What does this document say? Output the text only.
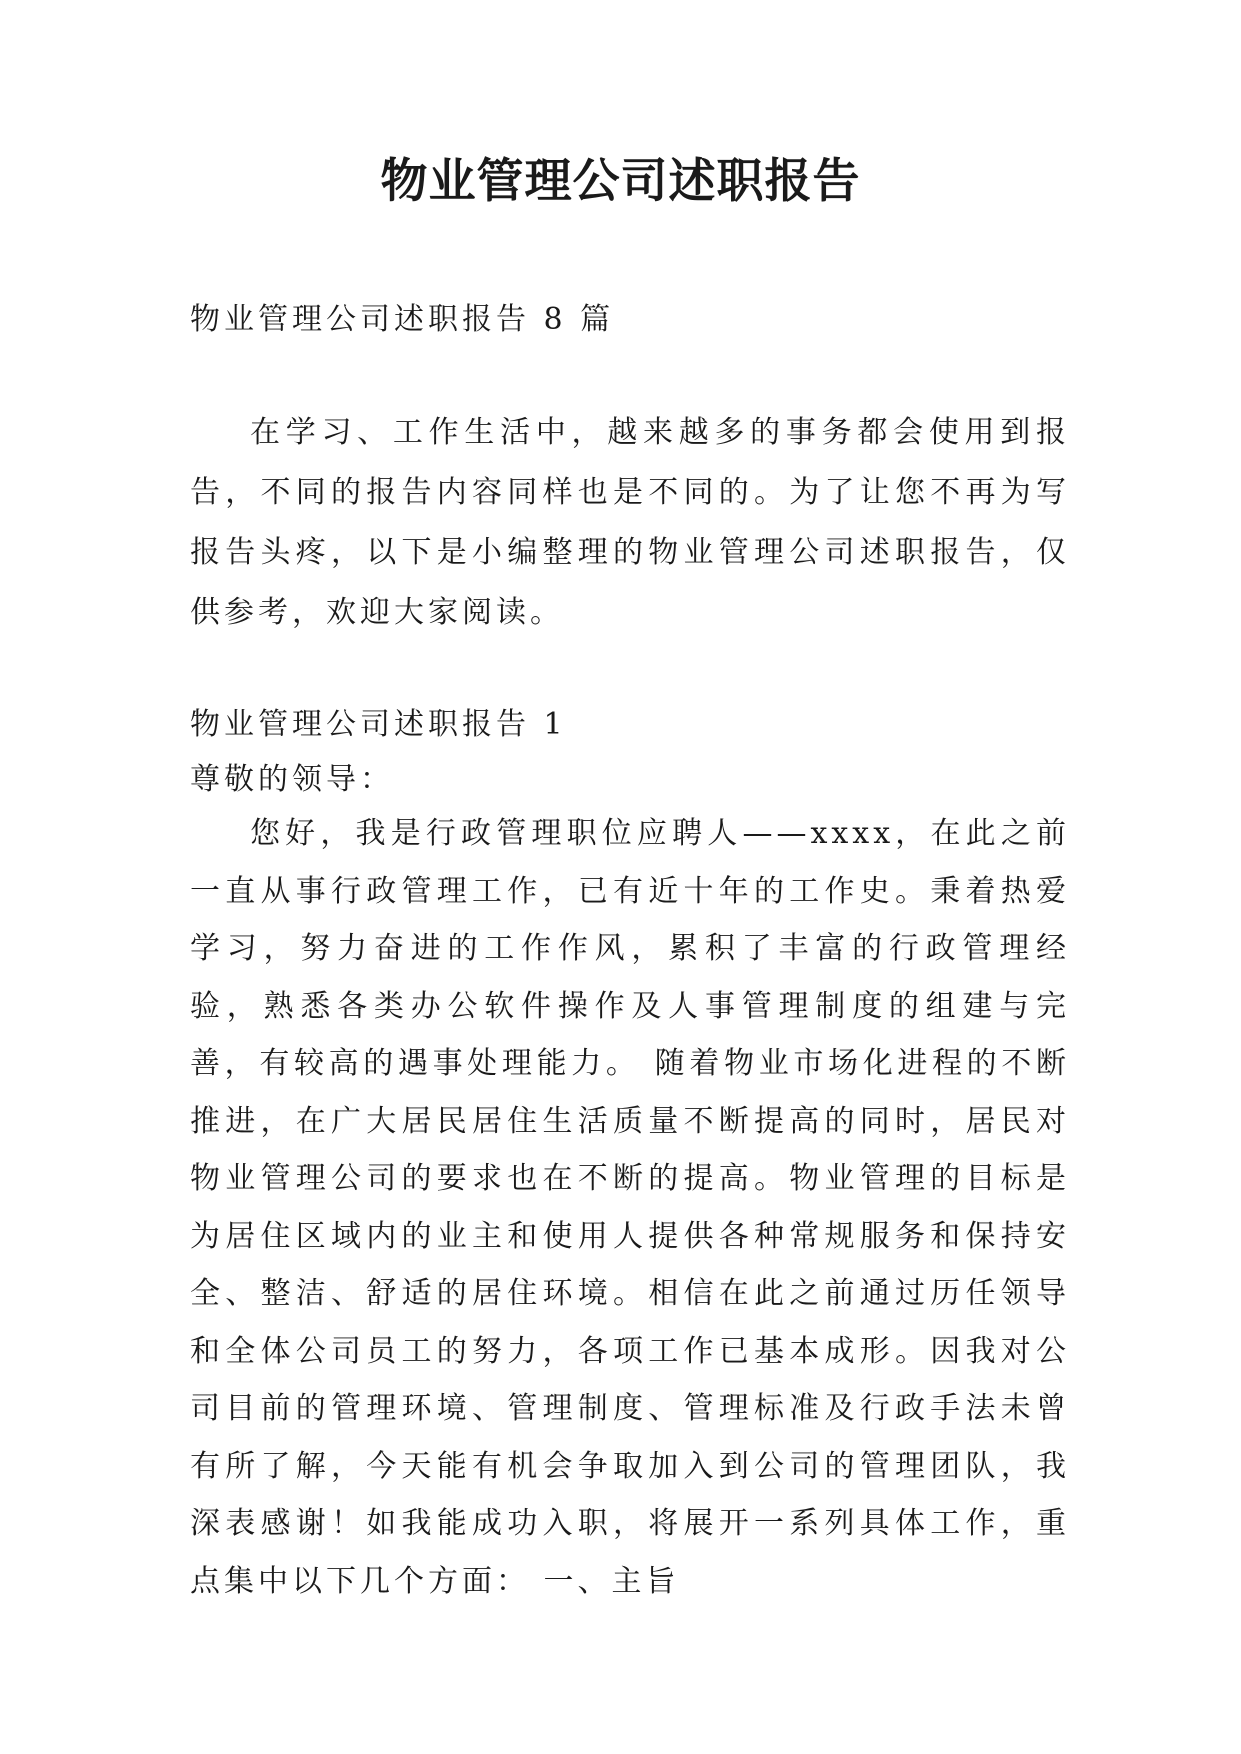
物业管理公司述职报告

物业管理公司述职报告 8 篇

在学习、工作生活中，越来越多的事务都会使用到报告，不同的报告内容同样也是不同的。为了让您不再为写报告头疼，以下是小编整理的物业管理公司述职报告，仅供参考，欢迎大家阅读。

物业管理公司述职报告 1

尊敬的领导：

您好，我是行政管理职位应聘人——xxxx，在此之前一直从事行政管理工作，已有近十年的工作史。秉着热爱学习，努力奋进的工作作风，累积了丰富的行政管理经验，熟悉各类办公软件操作及人事管理制度的组建与完善，有较高的遇事处理能力。 随着物业市场化进程的不断推进，在广大居民居住生活质量不断提高的同时，居民对物业管理公司的要求也在不断的提高。物业管理的目标是为居住区域内的业主和使用人提供各种常规服务和保持安全、整洁、舒适的居住环境。相信在此之前通过历任领导和全体公司员工的努力，各项工作已基本成形。因我对公司目前的管理环境、管理制度、管理标准及行政手法未曾有所了解，今天能有机会争取加入到公司的管理团队，我深表感谢！如我能成功入职，将展开一系列具体工作，重点集中以下几个方面： 一、主旨
